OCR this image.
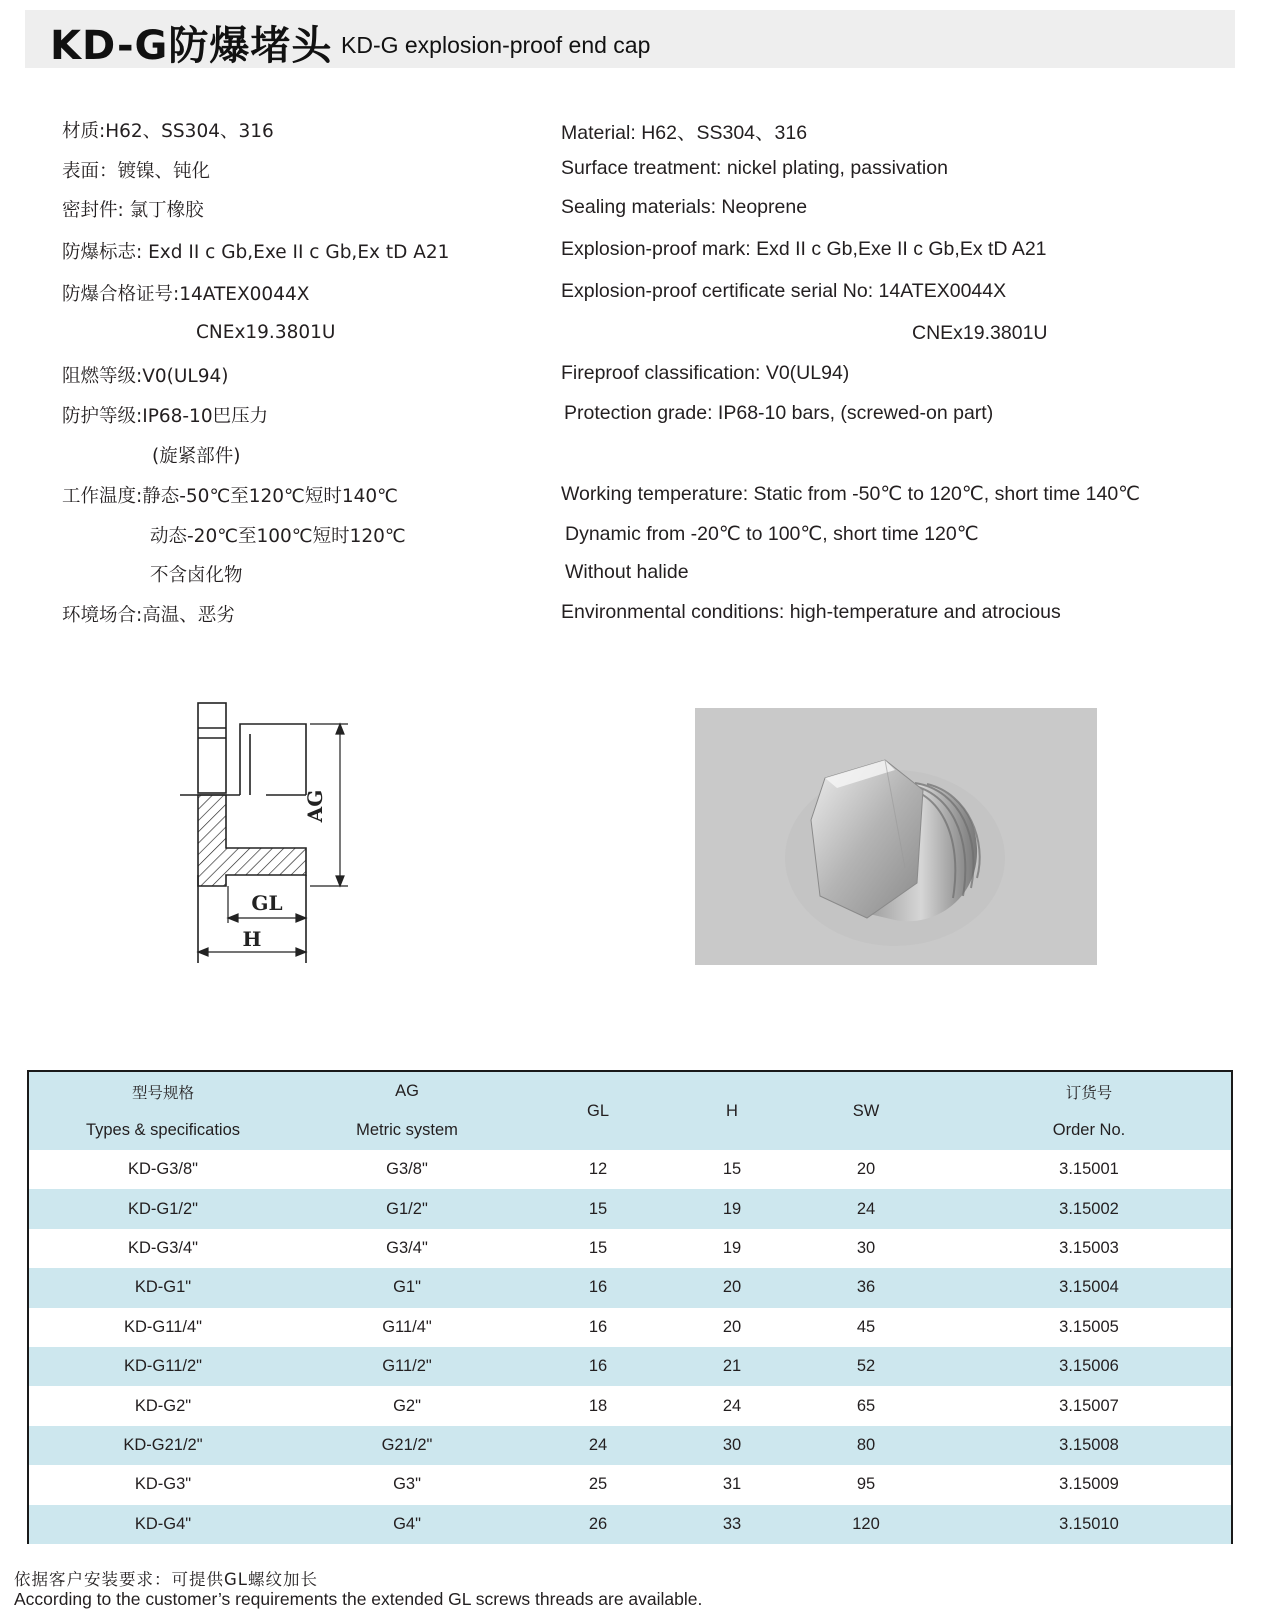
KD-G防爆堵头 KD-G explosion-proof end cap
材质:H62、SS304、316
表面：镀镍、钝化
密封件: 氯丁橡胶
防爆标志: Exd II c Gb,Exe II c Gb,Ex tD A21
防爆合格证号:14ATEX0044X
CNEx19.3801U
阻燃等级:V0(UL94)
防护等级:IP68-10巴压力
(旋紧部件)
工作温度:静态-50℃至120℃短时140℃
动态-20℃至100℃短时120℃
不含卤化物
环境场合:高温、恶劣
Material: H62、SS304、316
Surface treatment: nickel plating, passivation
Sealing materials: Neoprene
Explosion-proof mark: Exd II c Gb,Exe II c Gb,Ex tD A21
Explosion-proof certificate serial No: 14ATEX0044X
CNEx19.3801U
Fireproof classification: V0(UL94)
Protection grade: IP68-10 bars, (screwed-on part)
Working temperature: Static from -50℃ to 120℃, short time 140℃
Dynamic from -20℃ to 100℃, short time 120℃
Without halide
Environmental conditions: high-temperature and atrocious
AG
GL
H
型号规格	AG	GL	H	SW	订货号
Types & specificatios	Metric system				Order No.
KD-G3/8"	G3/8"	12	15	20	3.15001
KD-G1/2"	G1/2"	15	19	24	3.15002
KD-G3/4"	G3/4"	15	19	30	3.15003
KD-G1"	G1"	16	20	36	3.15004
KD-G11/4"	G11/4"	16	20	45	3.15005
KD-G11/2"	G11/2"	16	21	52	3.15006
KD-G2"	G2"	18	24	65	3.15007
KD-G21/2"	G21/2"	24	30	80	3.15008
KD-G3"	G3"	25	31	95	3.15009
KD-G4"	G4"	26	33	120	3.15010
依据客户安装要求：可提供GL螺纹加长
According to the customer’s requirements the extended GL screws threads are available.
